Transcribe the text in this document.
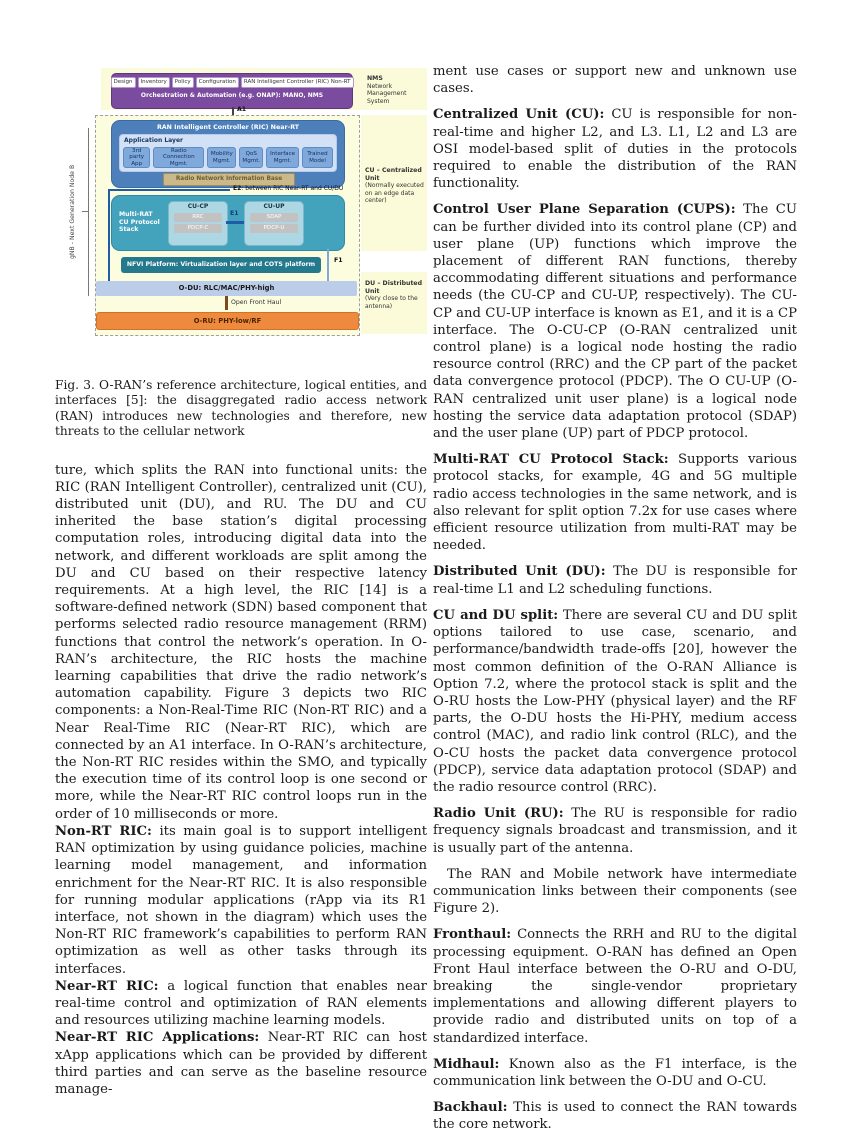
gNB - Next Generation Node B
NMS
Network Management System
Design	Inventory	Policy	Configuration	RAN Intelligent Controller (RIC) Non-RT
Orchestration & Automation (e.g. ONAP): MANO, NMS
A1
CU – Centralized Unit
(Normally executed on an edge data center)
DU – Distributed Unit
(Very close to the antenna)
RAN Intelligent Controller (RIC) Near-RT
Application Layer
3rd party App
Radio Connection Mgmt.
Mobility Mgmt.
QoS Mgmt.
Interface Mgmt.
Trained Model
Radio Network Information Base
E2: between RIC Near-RT and CU/DU
Multi-RAT CU Protocol Stack
CU-CP
RRC
PDCP-C
E1
CU-UP
SDAP
PDCP-U
NFVI Platform: Virtualization layer and COTS platform
F1
O-DU: RLC/MAC/PHY-high
Open Front Haul
O-RU: PHY-low/RF
Fig. 3. O-RAN’s reference architecture, logical entities, and interfaces [5]: the disaggregated radio access network (RAN) introduces new technologies and therefore, new threats to the cellular network

ture, which splits the RAN into functional units: the RIC (RAN Intelligent Controller), centralized unit (CU), distributed unit (DU), and RU. The DU and CU inherited the base station’s digital processing computation roles, introducing digital data into the network, and different workloads are split among the DU and CU based on their respective latency requirements. At a high level, the RIC [14] is a software-defined network (SDN) based component that performs selected radio resource management (RRM) functions that control the network’s operation. In O-RAN’s architecture, the RIC hosts the machine learning capabilities that drive the radio network’s automation capability. Figure 3 depicts two RIC components: a Non-Real-Time RIC (Non-RT RIC) and a Near Real-Time RIC (Near-RT RIC), which are connected by an A1 interface. In O-RAN’s architecture, the Non-RT RIC resides within the SMO, and typically the execution time of its control loop is one second or more, while the Near-RT RIC control loops run in the order of 10 milliseconds or more.

Non-RT RIC: its main goal is to support intelligent RAN optimization by using guidance policies, machine learning model management, and information enrichment for the Near-RT RIC. It is also responsible for running modular applications (rApp via its R1 interface, not shown in the diagram) which uses the Non-RT RIC framework’s capabilities to perform RAN optimization as well as other tasks through its interfaces.

Near-RT RIC: a logical function that enables near real-time control and optimization of RAN elements and resources utilizing machine learning models.

Near-RT RIC Applications: Near-RT RIC can host xApp applications which can be provided by different third parties and can serve as the baseline resource manage-

ment use cases or support new and unknown use cases.

Centralized Unit (CU): CU is responsible for non-real-time and higher L2, and L3. L1, L2 and L3 are OSI model-based split of duties in the protocols required to enable the distribution of the RAN functionality.

Control User Plane Separation (CUPS): The CU can be further divided into its control plane (CP) and user plane (UP) functions which improve the placement of different RAN functions, thereby accommodating different situations and performance needs (the CU-CP and CU-UP, respectively). The CU-CP and CU-UP interface is known as E1, and it is a CP interface. The O-CU-CP (O-RAN centralized unit control plane) is a logical node hosting the radio resource control (RRC) and the CP part of the packet data convergence protocol (PDCP). The O CU-UP (O-RAN centralized unit user plane) is a logical node hosting the service data adaptation protocol (SDAP) and the user plane (UP) part of PDCP protocol.

Multi-RAT CU Protocol Stack: Supports various protocol stacks, for example, 4G and 5G multiple radio access technologies in the same network, and is also relevant for split option 7.2x for use cases where efficient resource utilization from multi-RAT may be needed.

Distributed Unit (DU): The DU is responsible for real-time L1 and L2 scheduling functions.

CU and DU split: There are several CU and DU split options tailored to use case, scenario, and performance/bandwidth trade-offs [20], however the most common definition of the O-RAN Alliance is Option 7.2, where the protocol stack is split and the O-RU hosts the Low-PHY (physical layer) and the RF parts, the O-DU hosts the Hi-PHY, medium access control (MAC), and radio link control (RLC), and the O-CU hosts the packet data convergence protocol (PDCP), service data adaptation protocol (SDAP) and the radio resource control (RRC).

Radio Unit (RU): The RU is responsible for radio frequency signals broadcast and transmission, and it is usually part of the antenna.

The RAN and Mobile network have intermediate communication links between their components (see Figure 2).

Fronthaul: Connects the RRH and RU to the digital processing equipment. O-RAN has defined an Open Front Haul interface between the O-RU and O-DU, breaking the single-vendor proprietary implementations and allowing different players to provide radio and distributed units on top of a standardized interface.

Midhaul: Known also as the F1 interface, is the communication link between the O-DU and O-CU.

Backhaul: This is used to connect the RAN towards the core network.
